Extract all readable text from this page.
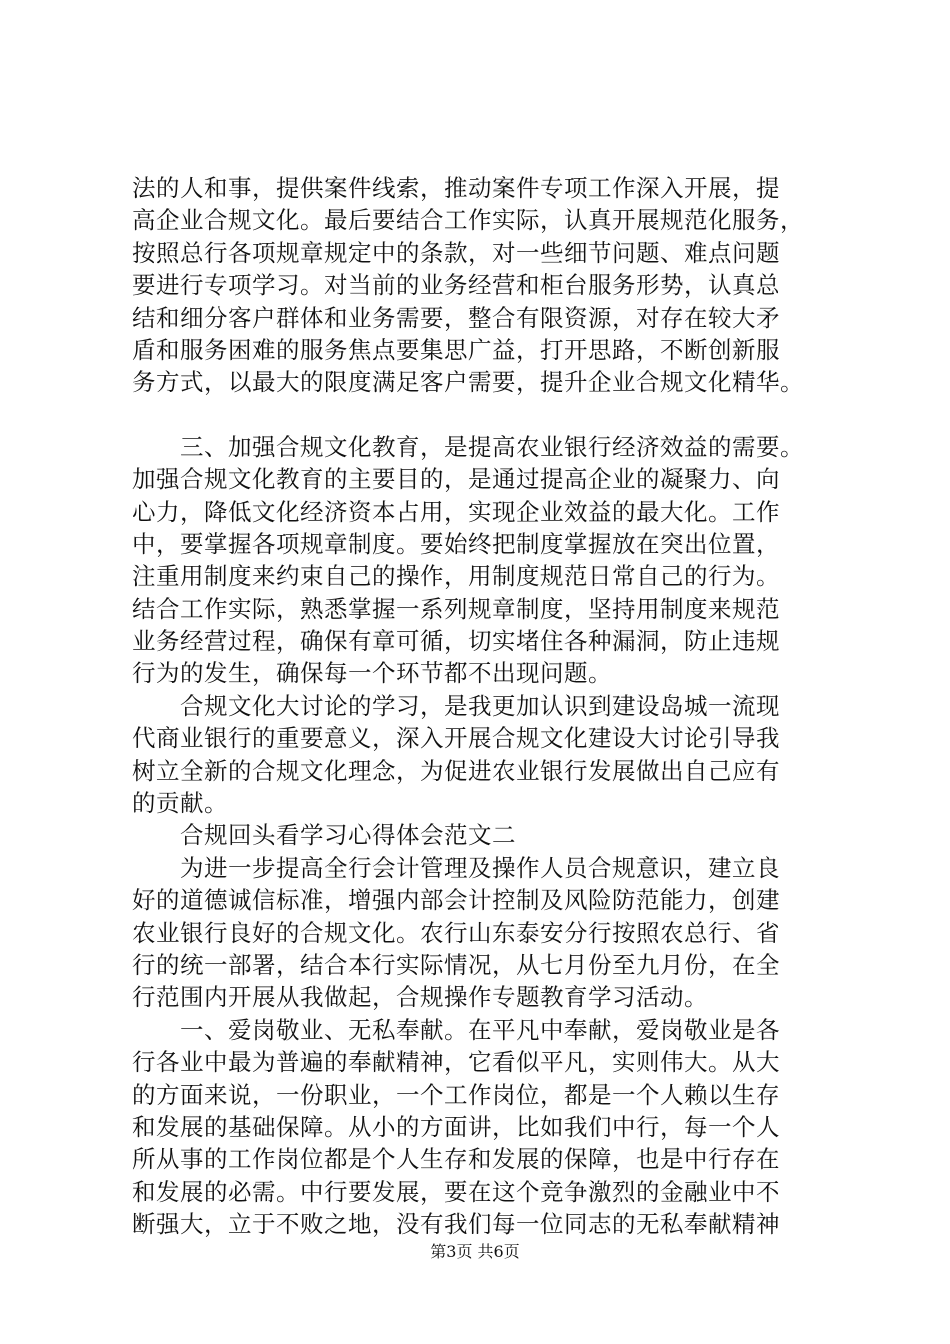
法的人和事，提供案件线索，推动案件专项工作深入开展，提
高企业合规文化。最后要结合工作实际，认真开展规范化服务，
按照总行各项规章规定中的条款，对一些细节问题、难点问题
要进行专项学习。对当前的业务经营和柜台服务形势，认真总
结和细分客户群体和业务需要，整合有限资源，对存在较大矛
盾和服务困难的服务焦点要集思广益，打开思路，不断创新服
务方式，以最大的限度满足客户需要，提升企业合规文化精华。
　　三、加强合规文化教育，是提高农业银行经济效益的需要。
加强合规文化教育的主要目的，是通过提高企业的凝聚力、向
心力，降低文化经济资本占用，实现企业效益的最大化。工作
中，要掌握各项规章制度。要始终把制度掌握放在突出位置，
注重用制度来约束自己的操作，用制度规范日常自己的行为。
结合工作实际，熟悉掌握一系列规章制度，坚持用制度来规范
业务经营过程，确保有章可循，切实堵住各种漏洞，防止违规
行为的发生，确保每一个环节都不出现问题。
　　合规文化大讨论的学习，是我更加认识到建设岛城一流现
代商业银行的重要意义，深入开展合规文化建设大讨论引导我
树立全新的合规文化理念，为促进农业银行发展做出自己应有
的贡献。
　　合规回头看学习心得体会范文二
　　为进一步提高全行会计管理及操作人员合规意识，建立良
好的道德诚信标准，增强内部会计控制及风险防范能力，创建
农业银行良好的合规文化。农行山东泰安分行按照农总行、省
行的统一部署，结合本行实际情况，从七月份至九月份，在全
行范围内开展从我做起，合规操作专题教育学习活动。
　　一、爱岗敬业、无私奉献。在平凡中奉献，爱岗敬业是各
行各业中最为普遍的奉献精神，它看似平凡，实则伟大。从大
的方面来说，一份职业，一个工作岗位，都是一个人赖以生存
和发展的基础保障。从小的方面讲，比如我们中行，每一个人
所从事的工作岗位都是个人生存和发展的保障，也是中行存在
和发展的必需。中行要发展，要在这个竞争激烈的金融业中不
断强大，立于不败之地，没有我们每一位同志的无私奉献精神
第3页 共6页
